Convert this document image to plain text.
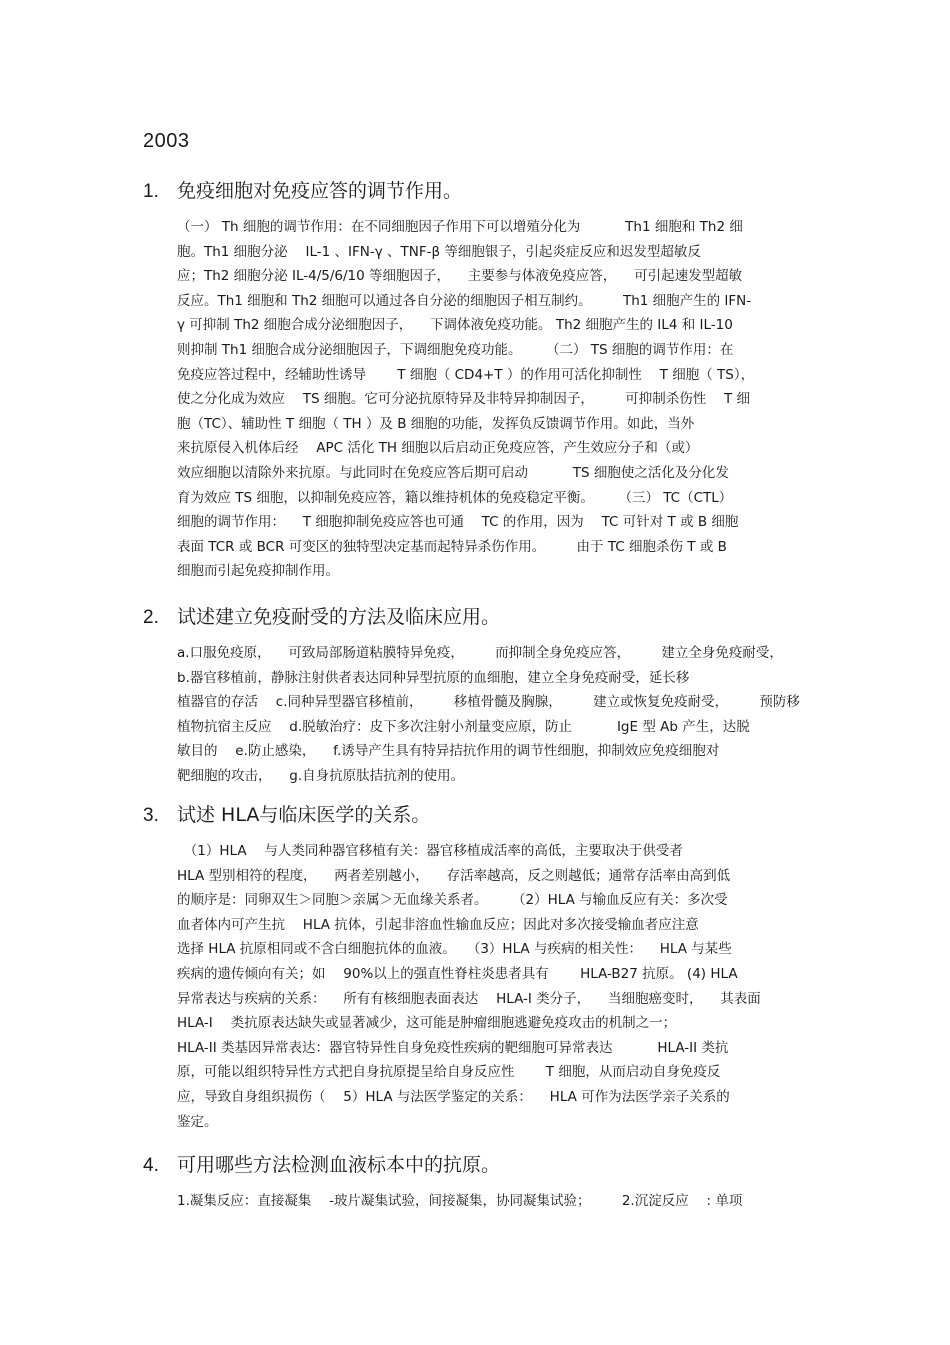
2003
1. 免疫细胞对免疫应答的调节作用。
（一） Th 细胞的调节作用：在不同细胞因子作用下可以增殖分化为 　　　Th1 细胞和 Th2 细
胞。Th1 细胞分泌 　IL-1 、IFN-γ 、TNF-β 等细胞银子，引起炎症反应和迟发型超敏反
应；Th2 细胞分泌 IL-4/5/6/10 等细胞因子， 　主要参与体液免疫应答， 　可引起速发型超敏
反应。Th1 细胞和 Th2 细胞可以通过各自分泌的细胞因子相互制约。 　　Th1 细胞产生的 IFN-
γ 可抑制 Th2 细胞合成分泌细胞因子， 　下调体液免疫功能。 Th2 细胞产生的 IL4 和 IL-10
则抑制 Th1 细胞合成分泌细胞因子，下调细胞免疫功能。 　　（二） TS 细胞的调节作用：在
免疫应答过程中，经辅助性诱导 　　T 细胞（ CD4+T ）的作用可活化抑制性 　T 细胞（ TS），
使之分化成为效应 　TS 细胞。它可分泌抗原特异及非特异抑制因子， 　　可抑制杀伤性 　T 细
胞（TC）、辅助性 T 细胞（ TH ）及 B 细胞的功能，发挥负反馈调节作用。如此，当外
来抗原侵入机体后经 　APC 活化 TH 细胞以后启动正免疫应答，产生效应分子和（或）
效应细胞以清除外来抗原。与此同时在免疫应答后期可启动 　　　TS 细胞使之活化及分化发
育为效应 TS 细胞，以抑制免疫应答，籍以维持机体的免疫稳定平衡。 　　（三） TC（CTL）
细胞的调节作用： 　T 细胞抑制免疫应答也可通 　TC 的作用，因为 　TC 可针对 T 或 B 细胞
表面 TCR 或 BCR 可变区的独特型决定基而起特异杀伤作用。 　　由于 TC 细胞杀伤 T 或 B
细胞而引起免疫抑制作用。
2. 试述建立免疫耐受的方法及临床应用。
a.口服免疫原， 　可致局部肠道粘膜特异免疫， 　　而抑制全身免疫应答， 　　建立全身免疫耐受，
b.器官移植前，静脉注射供者表达同种异型抗原的血细胞，建立全身免疫耐受，延长移
植器官的存活 　c.同种异型器官移植前， 　　移植骨髓及胸腺， 　　建立或恢复免疫耐受， 　　预防移
植物抗宿主反应 　d.脱敏治疗：皮下多次注射小剂量变应原，防止 　　　IgE 型 Ab 产生，达脱
敏目的 　e.防止感染， 　f.诱导产生具有特异拮抗作用的调节性细胞，抑制效应免疫细胞对
靶细胞的攻击， 　g.自身抗原肽拮抗剂的使用。
3. 试述 HLA与临床医学的关系。
　（1）HLA 　与人类同种器官移植有关：器官移植成活率的高低，主要取决于供受者
HLA 型别相符的程度， 　两者差别越小， 　存活率越高，反之则越低；通常存活率由高到低
的顺序是：同卵双生＞同胞＞亲属＞无血缘关系者。 　　（2）HLA 与输血反应有关：多次受
血者体内可产生抗 　HLA 抗体，引起非溶血性输血反应；因此对多次接受输血者应注意
选择 HLA 抗原相同或不含白细胞抗体的血液。 　（3）HLA 与疾病的相关性： 　HLA 与某些
疾病的遗传倾向有关；如 　90%以上的强直性脊柱炎患者具有 　　HLA-B27 抗原。 (4) HLA
异常表达与疾病的关系： 　所有有核细胞表面表达 　HLA-I 类分子， 　当细胞癌变时， 　其表面
HLA-I 　类抗原表达缺失或显著减少，这可能是肿瘤细胞逃避免疫攻击的机制之一；
HLA-II 类基因异常表达：器官特异性自身免疫性疾病的靶细胞可异常表达 　　　HLA-II 类抗
原，可能以组织特异性方式把自身抗原提呈给自身反应性 　　T 细胞，从而启动自身免疫反
应，导致自身组织损伤（ 　5）HLA 与法医学鉴定的关系： 　HLA 可作为法医学亲子关系的
鉴定。
4. 可用哪些方法检测血液标本中的抗原。
1.凝集反应：直接凝集 　-玻片凝集试验，间接凝集，协同凝集试验； 　　2.沉淀反应 　: 单项
